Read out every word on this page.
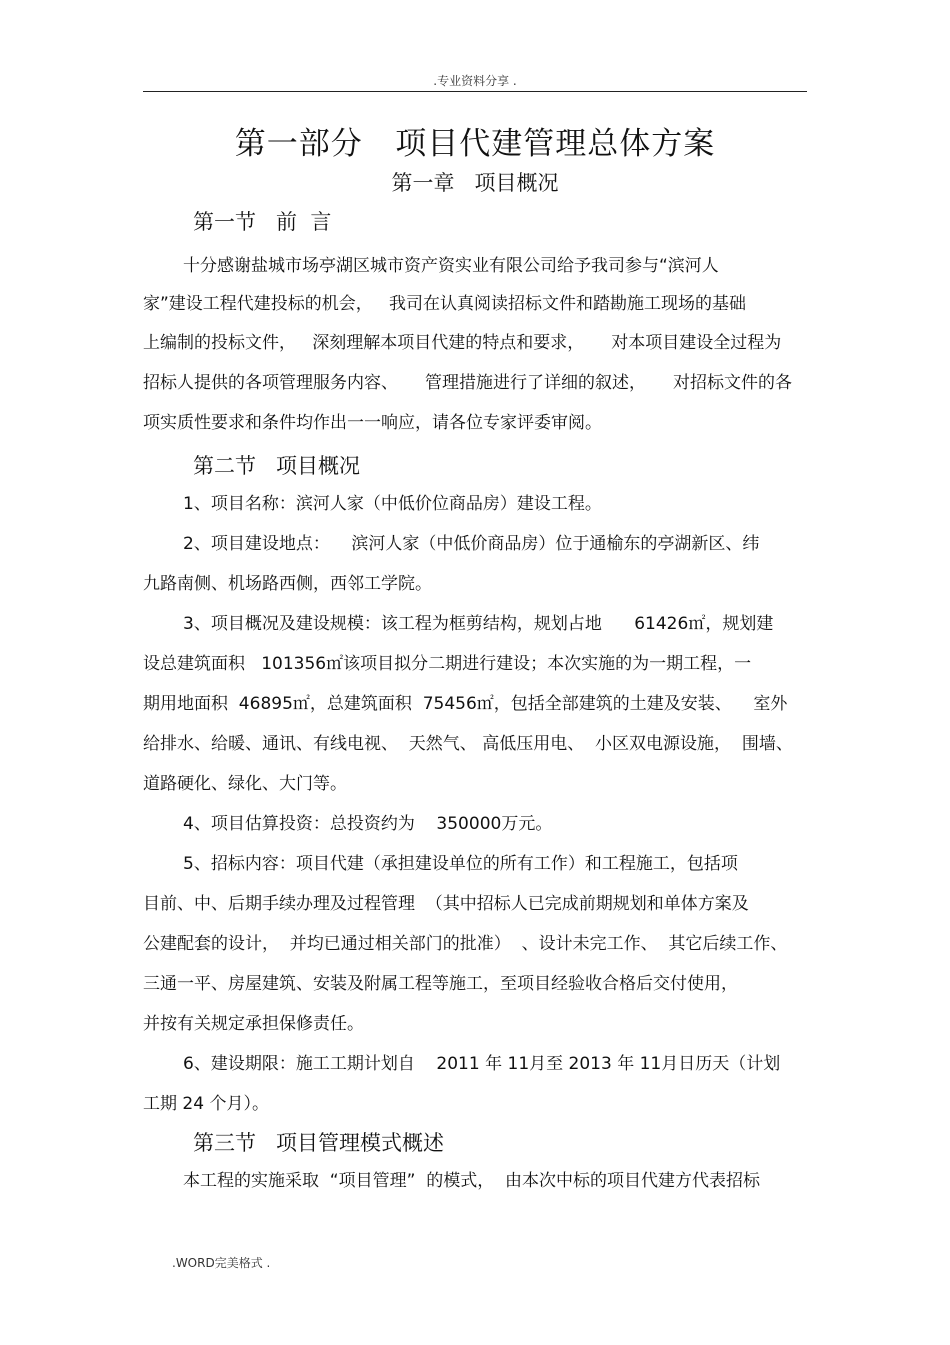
.专业资料分享 .
第一部分   项目代建管理总体方案
第一章   项目概况
第一节   前  言
十分感谢盐城市场亭湖区城市资产资实业有限公司给予我司参与“滨河人
家”建设工程代建投标的机会，   我司在认真阅读招标文件和踏勘施工现场的基础
上编制的投标文件，   深刻理解本项目代建的特点和要求，     对本项目建设全过程为
招标人提供的各项管理服务内容、     管理措施进行了详细的叙述，     对招标文件的各
项实质性要求和条件均作出一一响应，请各位专家评委审阅。
第二节   项目概况
1、项目名称：滨河人家（中低价位商品房）建设工程。
2、项目建设地点：    滨河人家（中低价商品房）位于通榆东的亭湖新区、纬
九路南侧、机场路西侧，西邻工学院。
3、项目概况及建设规模：该工程为框剪结构，规划占地      61426㎡，规划建
设总建筑面积   101356㎡该项目拟分二期进行建设；本次实施的为一期工程，一
期用地面积  46895㎡，总建筑面积  75456㎡，包括全部建筑的土建及安装、    室外
给排水、给暖、通讯、有线电视、  天然气、 高低压用电、  小区双电源设施，  围墙、
道路硬化、绿化、大门等。
4、项目估算投资：总投资约为    350000万元。
5、招标内容：项目代建（承担建设单位的所有工作）和工程施工，包括项
目前、中、后期手续办理及过程管理  （其中招标人已完成前期规划和单体方案及
公建配套的设计，  并均已通过相关部门的批准）  、设计未完工作、  其它后续工作、
三通一平、房屋建筑、安装及附属工程等施工，至项目经验收合格后交付使用，
并按有关规定承担保修责任。
6、建设期限：施工工期计划自    2011 年 11月至 2013 年 11月日历天（计划
工期 24 个月）。
第三节   项目管理模式概述
本工程的实施采取  “项目管理”  的模式，  由本次中标的项目代建方代表招标
.WORD完美格式 .
